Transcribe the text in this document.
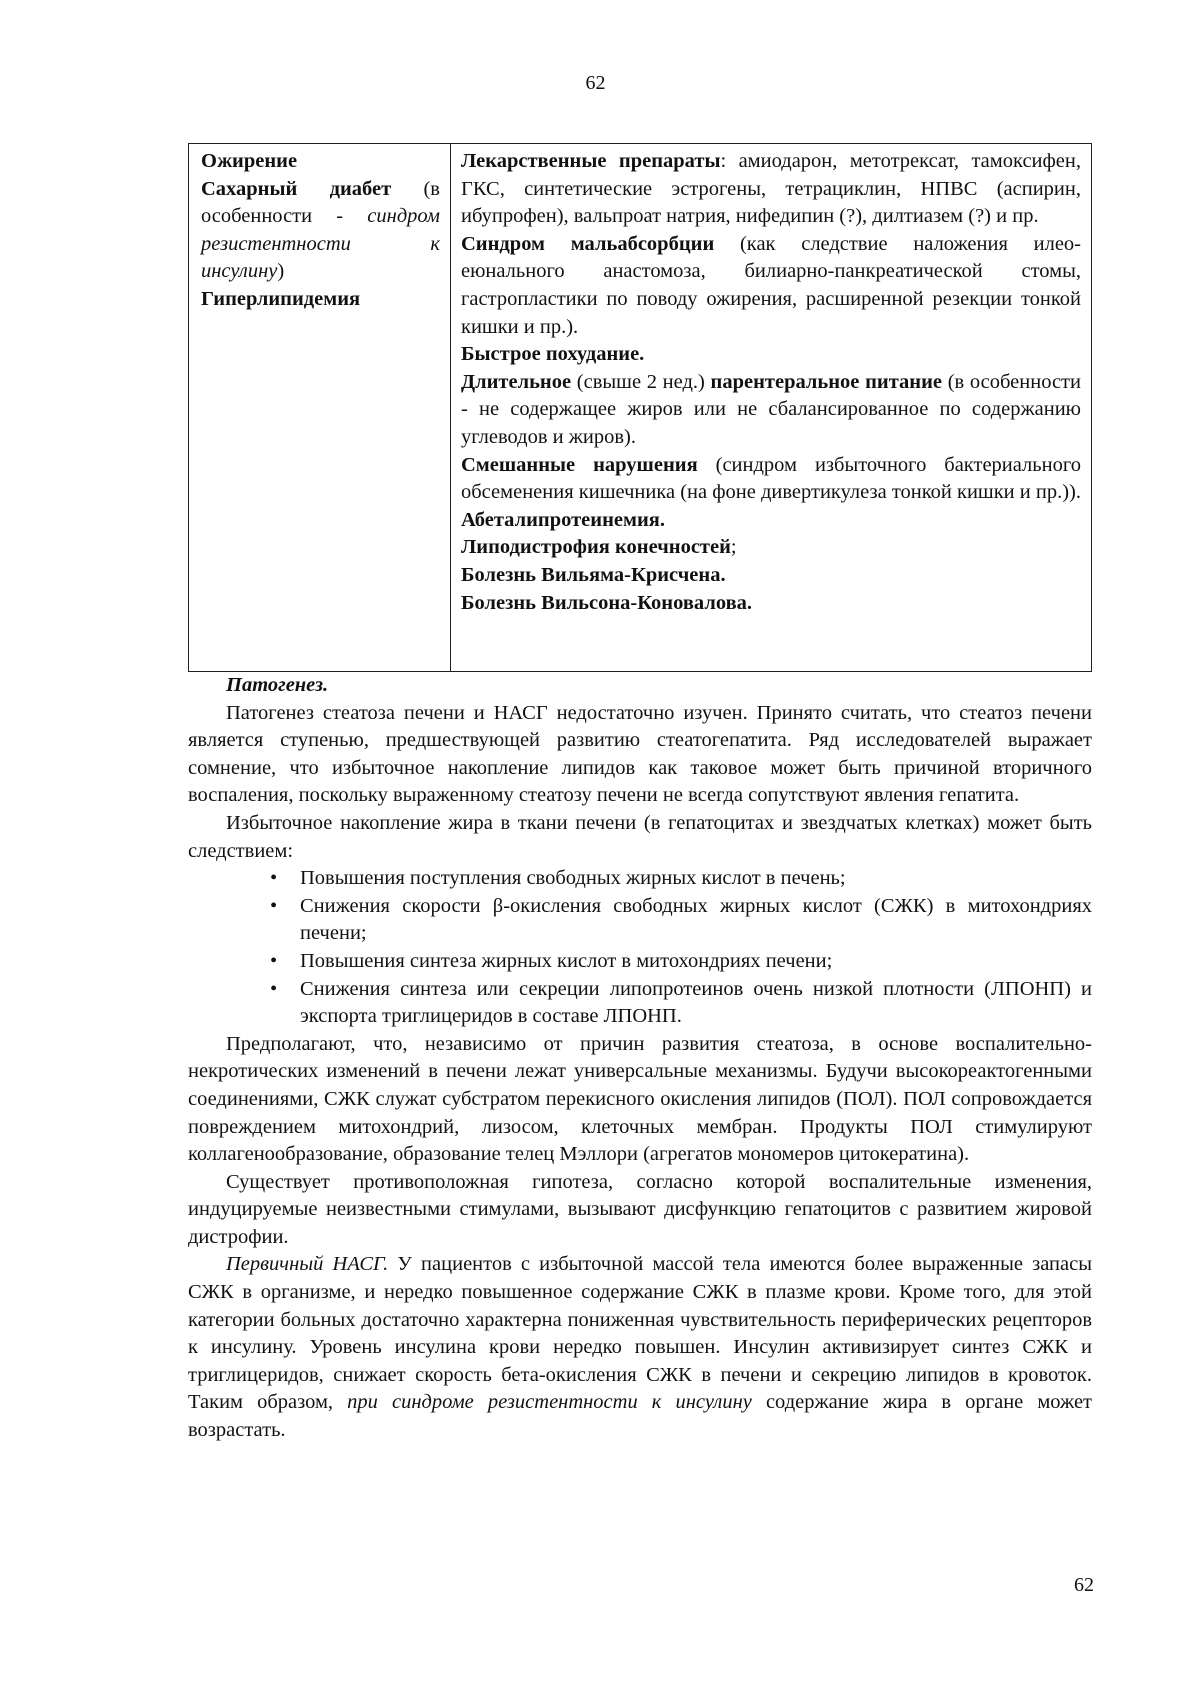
62
Ожирение
Сахарный диабет (в
особенности - синдром
резистентности к
инсулину)
Гиперлипидемия
Лекарственные препараты: амиодарон, метотрексат, тамоксифен, ГКС, синтетические эстрогены, тетрациклин, НПВС (аспирин, ибупрофен), вальпроат натрия, нифедипин (?), дилтиазем (?) и пр.
Синдром мальабсорбции (как следствие наложения илео-еюнального анастомоза, билиарно-панкреатической стомы, гастропластики по поводу ожирения, расширенной резекции тонкой кишки и пр.).
Быстрое похудание.
Длительное (свыше 2 нед.) парентеральное питание (в особенности - не содержащее жиров или не сбалансированное по содержанию углеводов и жиров).
Смешанные нарушения (синдром избыточного бактериального обсеменения кишечника (на фоне дивертикулеза тонкой кишки и пр.)).
Абеталипротеинемия.
Липодистрофия конечностей;
Болезнь Вильяма-Крисчена.
Болезнь Вильсона-Коновалова.
Патогенез.

Патогенез стеатоза печени и НАСГ недостаточно изучен. Принято считать, что стеатоз печени является ступенью, предшествующей развитию стеатогепатита. Ряд исследователей выражает сомнение, что избыточное накопление липидов как таковое может быть причиной вторичного воспаления, поскольку выраженному стеатозу печени не всегда сопутствуют явления гепатита.

Избыточное накопление жира в ткани печени (в гепатоцитах и звездчатых клетках) может быть следствием:

• Повышения поступления свободных жирных кислот в печень;
• Снижения скорости β-окисления свободных жирных кислот (СЖК) в митохондриях печени;
• Повышения синтеза жирных кислот в митохондриях печени;
• Снижения синтеза или секреции липопротеинов очень низкой плотности (ЛПОНП) и экспорта триглицеридов в составе ЛПОНП.

Предполагают, что, независимо от причин развития стеатоза, в основе воспалительно-некротических изменений в печени лежат универсальные механизмы. Будучи высокореактогенными соединениями, СЖК служат субстратом перекисного окисления липидов (ПОЛ). ПОЛ сопровождается повреждением митохондрий, лизосом, клеточных мембран. Продукты ПОЛ стимулируют коллагенообразование, образование телец Мэллори (агрегатов мономеров цитокератина).

Существует противоположная гипотеза, согласно которой воспалительные изменения, индуцируемые неизвестными стимулами, вызывают дисфункцию гепатоцитов с развитием жировой дистрофии.

Первичный НАСГ. У пациентов с избыточной массой тела имеются более выраженные запасы СЖК в организме, и нередко повышенное содержание СЖК в плазме крови. Кроме того, для этой категории больных достаточно характерна пониженная чувствительность периферических рецепторов к инсулину. Уровень инсулина крови нередко повышен. Инсулин активизирует синтез СЖК и триглицеридов, снижает скорость бета-окисления СЖК в печени и секрецию липидов в кровоток. Таким образом, при синдроме резистентности к инсулину содержание жира в органе может возрастать.

62
